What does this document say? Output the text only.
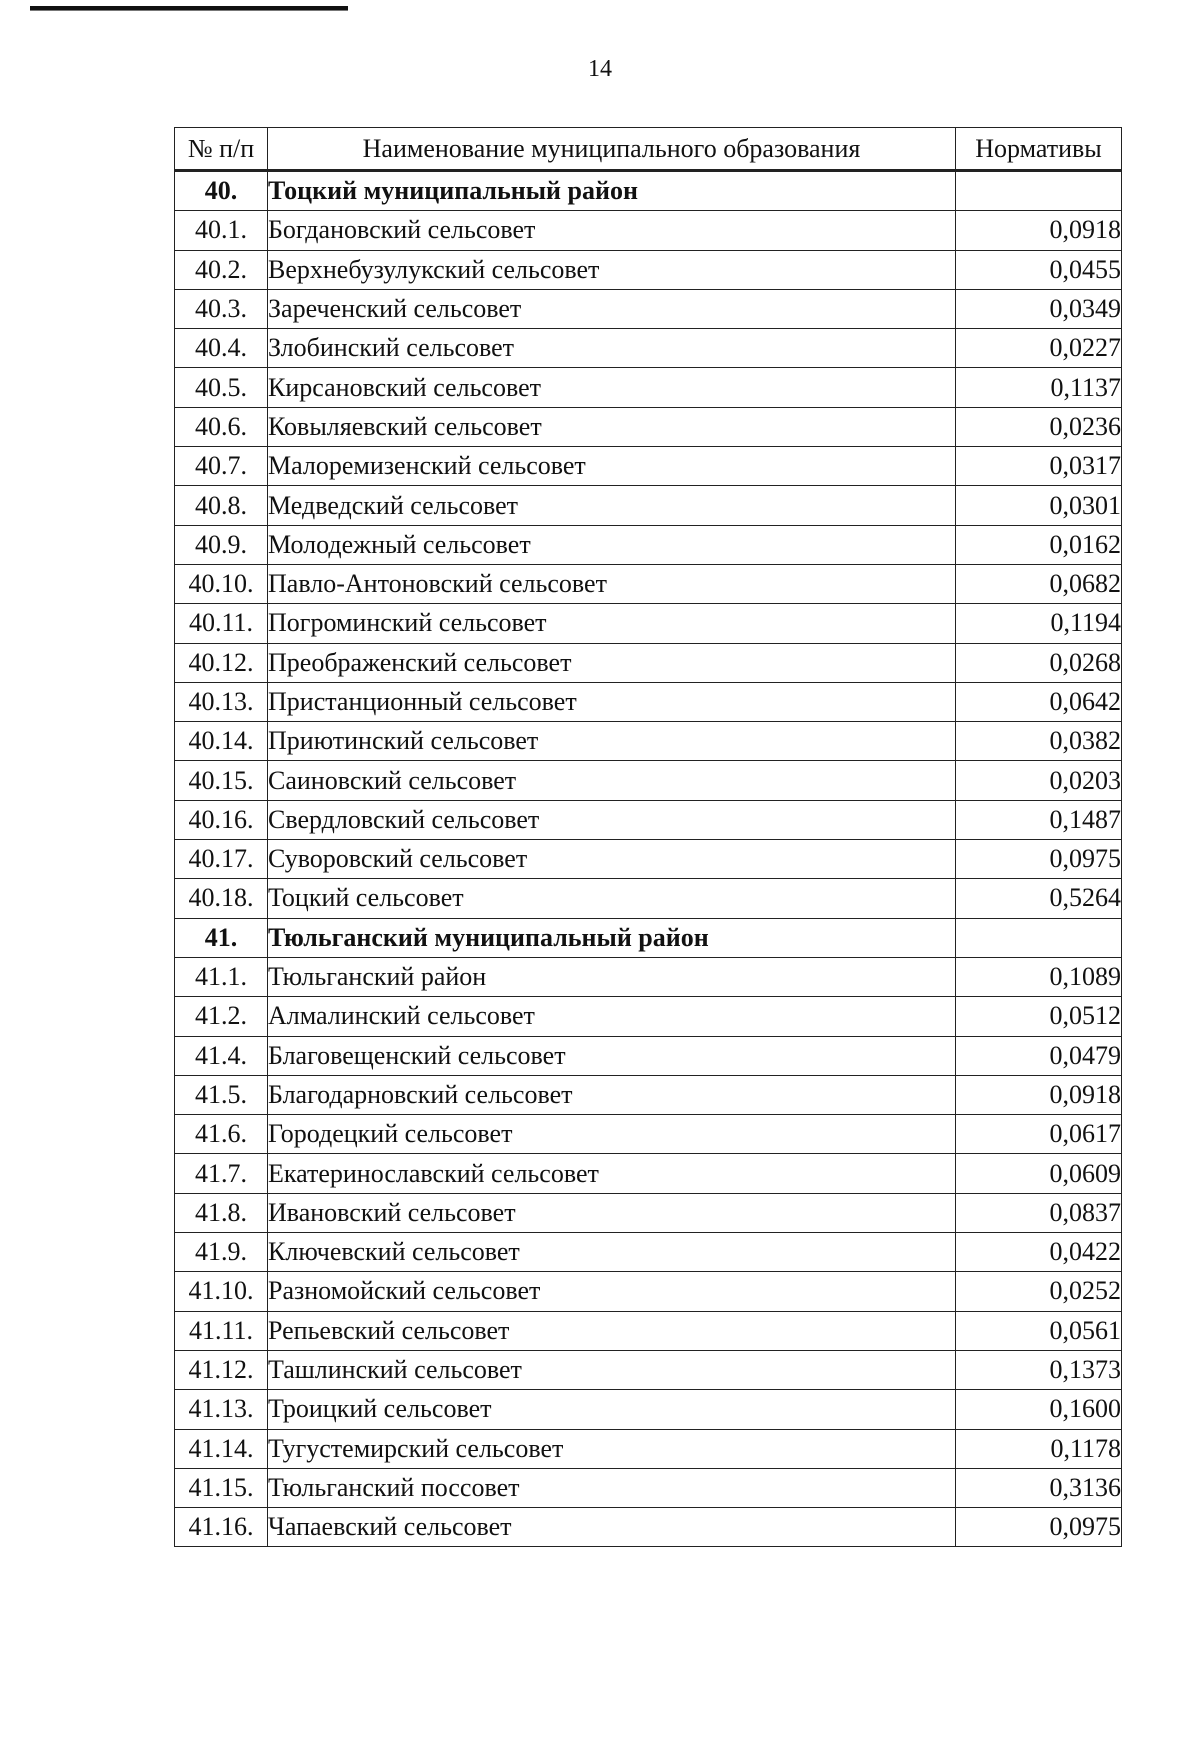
14
№ п/п	Наименование муниципального образования	Нормативы
40.	Тоцкий муниципальный район	
40.1.	Богдановский сельсовет	0,0918
40.2.	Верхнебузулукский сельсовет	0,0455
40.3.	Зареченский сельсовет	0,0349
40.4.	Злобинский сельсовет	0,0227
40.5.	Кирсановский сельсовет	0,1137
40.6.	Ковыляевский сельсовет	0,0236
40.7.	Малоремизенский сельсовет	0,0317
40.8.	Медведский сельсовет	0,0301
40.9.	Молодежный сельсовет	0,0162
40.10.	Павло-Антоновский сельсовет	0,0682
40.11.	Погроминский сельсовет	0,1194
40.12.	Преображенский сельсовет	0,0268
40.13.	Пристанционный сельсовет	0,0642
40.14.	Приютинский сельсовет	0,0382
40.15.	Саиновский сельсовет	0,0203
40.16.	Свердловский сельсовет	0,1487
40.17.	Суворовский сельсовет	0,0975
40.18.	Тоцкий сельсовет	0,5264
41.	Тюльганский муниципальный район	
41.1.	Тюльганский район	0,1089
41.2.	Алмалинский сельсовет	0,0512
41.4.	Благовещенский сельсовет	0,0479
41.5.	Благодарновский сельсовет	0,0918
41.6.	Городецкий сельсовет	0,0617
41.7.	Екатеринославский сельсовет	0,0609
41.8.	Ивановский сельсовет	0,0837
41.9.	Ключевский сельсовет	0,0422
41.10.	Разномойский сельсовет	0,0252
41.11.	Репьевский сельсовет	0,0561
41.12.	Ташлинский сельсовет	0,1373
41.13.	Троицкий сельсовет	0,1600
41.14.	Тугустемирский сельсовет	0,1178
41.15.	Тюльганский поссовет	0,3136
41.16.	Чапаевский сельсовет	0,0975
